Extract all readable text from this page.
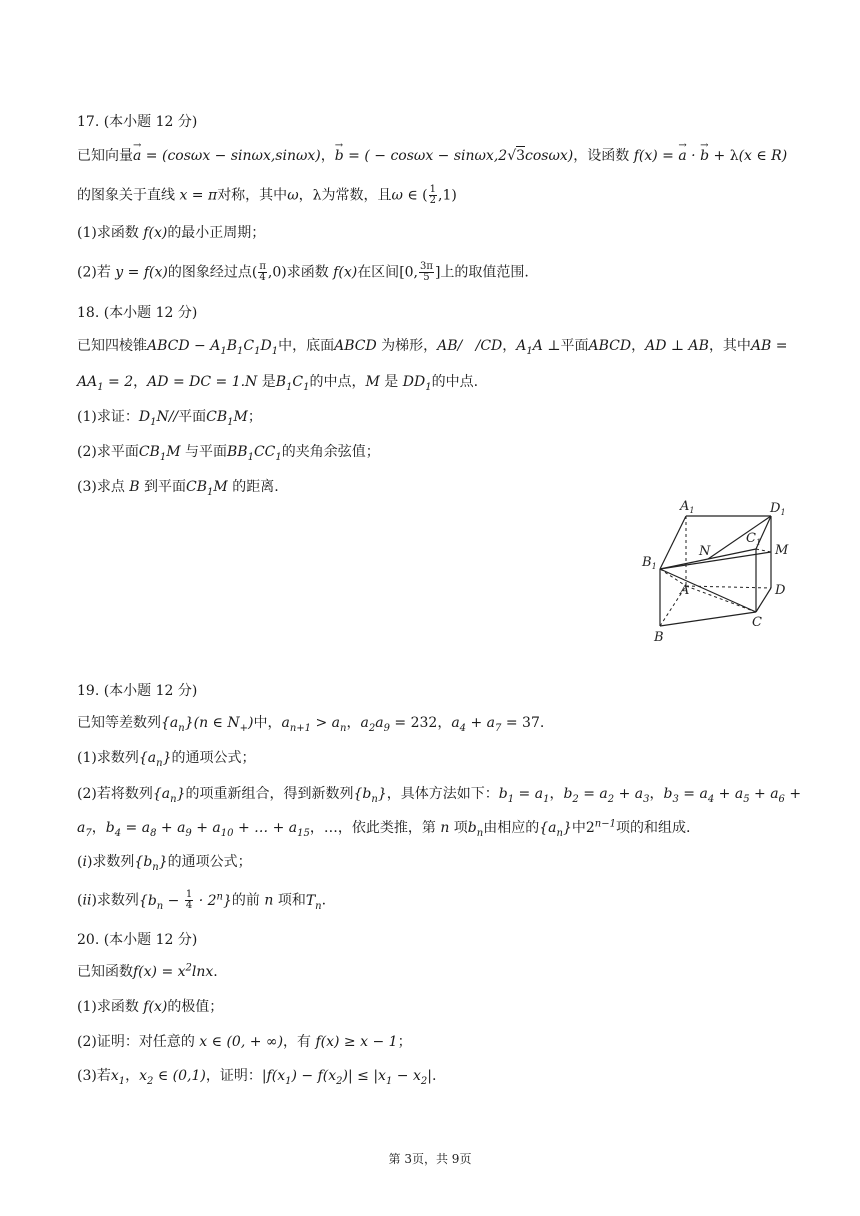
17. (本小题 12 分)
已知向量→ a = (cosωx − sinωx,sinωx)，→ b = ( − cosωx − sinωx,2√3cosωx)，设函数 f(x) = → a · → b + λ(x ∈ R)
的图象关于直线 x = π对称，其中ω，λ为常数，且ω ∈ ( $\frac{1}{2} ,1$)
(1)求函数 f(x)的最小正周期；
(2)若 y = f(x)的图象经过点( $\frac{\pi}{4} ,0$)求函数 f(x)在区间[0, $\frac{3\pi}{5}$ ]上的取值范围.
18. (本小题 12 分)
已知四棱锥ABCD − $A_1B_1C_1D_1$中，底面ABCD 为梯形，AB/   /CD，$A_1A$ ⊥平面ABCD，AD ⊥ AB，其中AB =
$AA_1 = 2$，AD = DC = 1.N 是$B_1C_1$的中点，M 是 $DD_1$的中点.
(1)求证：$D_1N//$平面$CB_1M$；
(2)求平面$CB_1M$ 与平面$BB_1CC_1$的夹角余弦值；
(3)求点 B 到平面$CB_1M$ 的距离.
$A_1$	$D_1$
$C_1$
$B_1$
N	M
A	D
C
B
19. (本小题 12 分)
已知等差数列$\{a_n\}(n$ ∈ $N_+$)中，$a_{n+1} > a_n$，$a_2a_9 = 232$，$a_4 + a_7 = 37$.
(1)求数列$\{a_n\}$的通项公式；
(2)若将数列$\{a_n\}$的项重新组合，得到新数列$\{b_n\}$，具体方法如下：$b_1 = a_1$，$b_2 = a_2 + a_3$，$b_3 = a_4 + a_5 + a_6$ +
$a_7$，$b_4 = a_8 + a_9 + a_{10}$ + … + $a_{15}$，…，依此类推，第 n 项$b_n$由相应的$\{a_n\}$中$2^{n-1}$项的和组成.
(i)求数列$\{b_n\}$的通项公式；
(ii)求数列$\{b_n - \frac{1}{4} \cdot 2^n\}$的前 n 项和$T_n$.
20. (本小题 12 分)
已知函数$f(x) = x^2\ln x$.
(1)求函数 f(x)的极值；
(2)证明：对任意的 x ∈ (0, + ∞)，有 f(x) ≥ x − 1；
(3)若$x_1$，$x_2$ ∈ (0,1)，证明：$|f(x_1) - f(x_2)| \le |x_1 - x_2|$.
第 3页，共 9页
